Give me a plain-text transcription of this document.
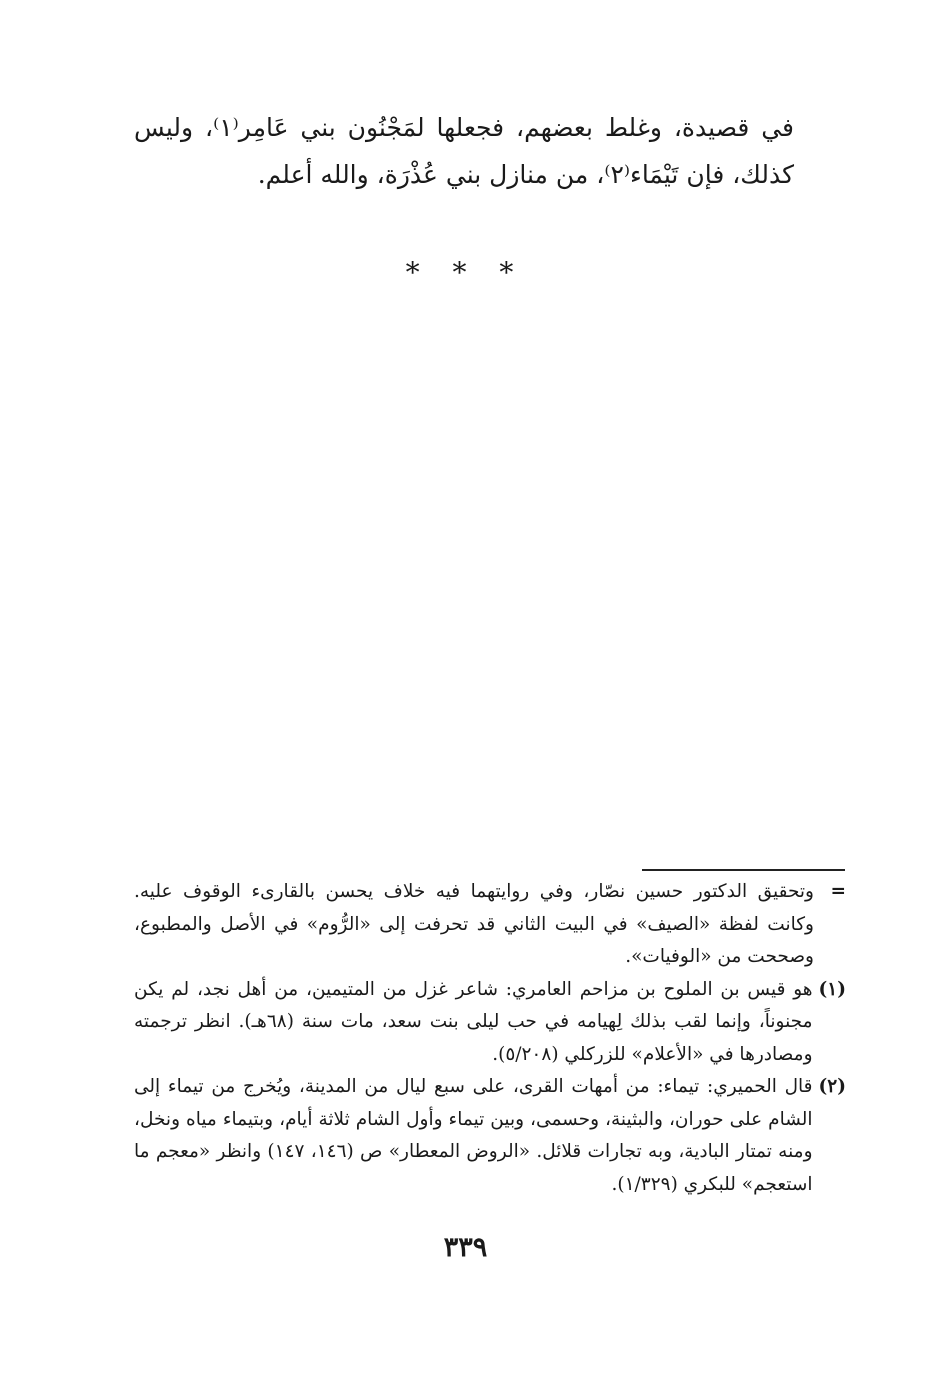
في قصيدة، وغلط بعضهم، فجعلها لمَجْنُون بني عَامِر⁽١⁾، وليس كذلك، فإن تَيْمَاء⁽٢⁾، من منازل بني عُذْرَة، والله أعلم.

* * *
=
وتحقيق الدكتور حسين نصّار، وفي روايتهما فيه خلاف يحسن بالقارىء الوقوف عليه. وكانت لفظة «الصيف» في البيت الثاني قد تحرفت إلى «الرُّوم» في الأصل والمطبوع، وصححت من «الوفيات».
(١)
هو قيس بن الملوح بن مزاحم العامري: شاعر غزل من المتيمين، من أهل نجد، لم يكن مجنوناً، وإنما لقب بذلك لِهيامه في حب ليلى بنت سعد، مات سنة (٦٨هـ). انظر ترجمته ومصادرها في «الأعلام» للزركلي (٥/٢٠٨).
(٢)
قال الحميري: تيماء: من أمهات القرى، على سبع ليال من المدينة، ويُخرج من تيماء إلى الشام على حوران، والبثينة، وحسمى، وبين تيماء وأول الشام ثلاثة أيام، وبتيماء مياه ونخل، ومنه تمتار البادية، وبه تجارات قلائل. «الروض المعطار» ص (١٤٦، ١٤٧) وانظر «معجم ما استعجم» للبكري (١/٣٢٩).
٣٣٩
